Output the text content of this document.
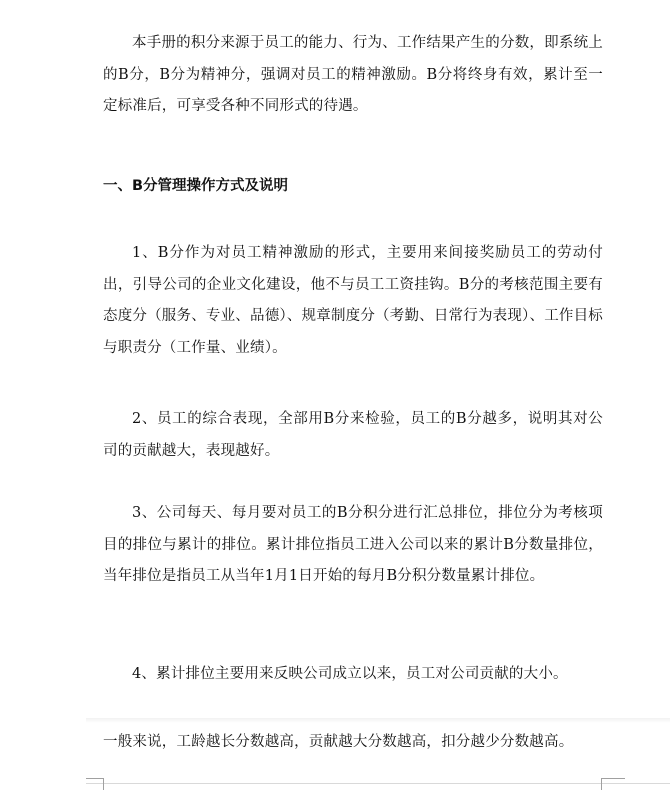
本手册的积分来源于员工的能力、行为、工作结果产生的分数，即系统上的B分，B分为精神分，强调对员工的精神激励。B分将终身有效，累计至一定标准后，可享受各种不同形式的待遇。

一、B分管理操作方式及说明

1、B分作为对员工精神激励的形式，主要用来间接奖励员工的劳动付出，引导公司的企业文化建设，他不与员工工资挂钩。B分的考核范围主要有态度分（服务、专业、品德）、规章制度分（考勤、日常行为表现）、工作目标与职责分（工作量、业绩）。

2、员工的综合表现，全部用B分来检验，员工的B分越多，说明其对公司的贡献越大，表现越好。

3、公司每天、每月要对员工的B分积分进行汇总排位，排位分为考核项目的排位与累计的排位。累计排位指员工进入公司以来的累计B分数量排位，当年排位是指员工从当年1月1日开始的每月B分积分数量累计排位。

4、累计排位主要用来反映公司成立以来，员工对公司贡献的大小。

一般来说，工龄越长分数越高，贡献越大分数越高，扣分越少分数越高。
